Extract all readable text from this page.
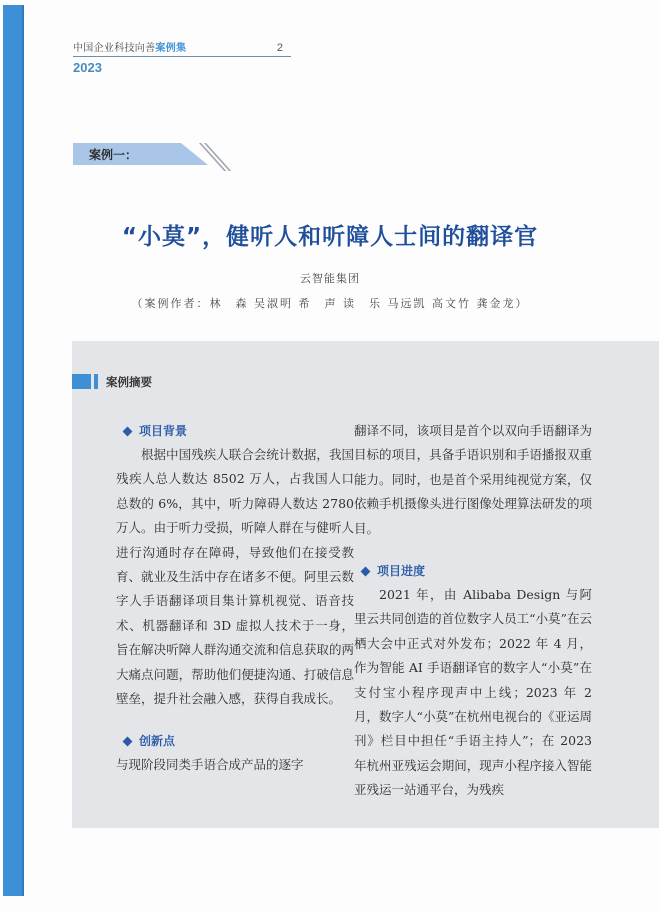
中国企业科技向善案例集	2
2023
案例一：
“小莫”，健听人和听障人士间的翻译官
云智能集团
（案例作者：林　森 吴淑明 希　声 读　乐 马远凯 高文竹 龚金龙）
案例摘要
项目背景

根据中国残疾人联合会统计数据，我国残疾人总人数达 8502 万人，占我国人口总数的 6%，其中，听力障碍人数达 2780 万人。由于听力受损，听障人群在与健听人进行沟通时存在障碍，导致他们在接受教育、就业及生活中存在诸多不便。阿里云数字人手语翻译项目集计算机视觉、语音技术、机器翻译和 3D 虚拟人技术于一身，旨在解决听障人群沟通交流和信息获取的两大痛点问题，帮助他们便捷沟通、打破信息壁垒，提升社会融入感，获得自我成长。

创新点

与现阶段同类手语合成产品的逐字

翻译不同，该项目是首个以双向手语翻译为目标的项目，具备手语识别和手语播报双重能力。同时，也是首个采用纯视觉方案，仅依赖手机摄像头进行图像处理算法研发的项目。

项目进度

2021 年，由 Alibaba Design 与阿里云共同创造的首位数字人员工“小莫”在云栖大会中正式对外发布；2022 年 4 月，作为智能 AI 手语翻译官的数字人“小莫”在支付宝小程序现声中上线；2023 年 2 月，数字人“小莫”在杭州电视台的《亚运周刊》栏目中担任“手语主持人”；在 2023 年杭州亚残运会期间，现声小程序接入智能亚残运一站通平台，为残疾
